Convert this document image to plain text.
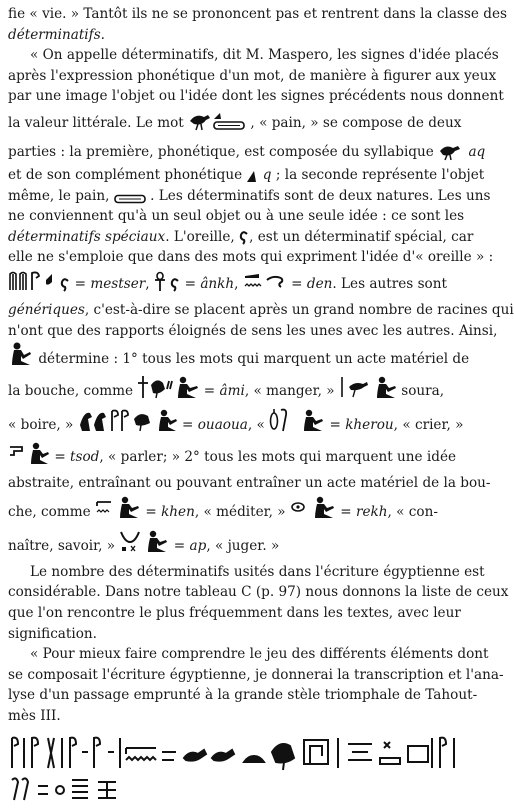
fie « vie. » Tantôt ils ne se prononcent pas et rentrent dans la classe des
déterminatifs.
« On appelle déterminatifs, dit M. Maspero, les signes d'idée placés
après l'expression phonétique d'un mot, de manière à figurer aux yeux
par une image l'objet ou l'idée dont les signes précédents nous donnent
la valeur littérale. Le mot	, « pain, » se compose de deux
parties : la première, phonétique, est composée du syllabique	aq
et de son complément phonétique q ; la seconde représente l'objet
même, le pain,	. Les déterminatifs sont de deux natures. Les uns
ne conviennent qu'à un seul objet ou à une seule idée : ce sont les
déterminatifs spéciaux. L'oreille, , est un déterminatif spécial, car
elle ne s'emploie que dans des mots qui expriment l'idée d'« oreille » :

= mestser,

= ânkh,	= den. Les autres sont
génériques, c'est-à-dire se placent après un grand nombre de racines qui
n'ont que des rapports éloignés de sens les unes avec les autres. Ainsi,
détermine : 1° tous les mots qui marquent un acte matériel de
la bouche, comme	= âmi, « manger, »	soura,
« boire, »	= ouaoua, «	= kherou, « crier, »
= tsod, « parler; » 2° tous les mots qui marquent une idée
abstraite, entraînant ou pouvant entraîner un acte matériel de la bou-
che, comme	= khen, « méditer, »	= rekh, « con-
naître, savoir, »	= ap, « juger. »
Le nombre des déterminatifs usités dans l'écriture égyptienne est
considérable. Dans notre tableau C (p. 97) nous donnons la liste de ceux
que l'on rencontre le plus fréquemment dans les textes, avec leur
signification.
« Pour mieux faire comprendre le jeu des différents éléments dont
se composait l'écriture égyptienne, je donnerai la transcription et l'ana-
lyse d'un passage emprunté à la grande stèle triomphale de Tahout-
mès III.
